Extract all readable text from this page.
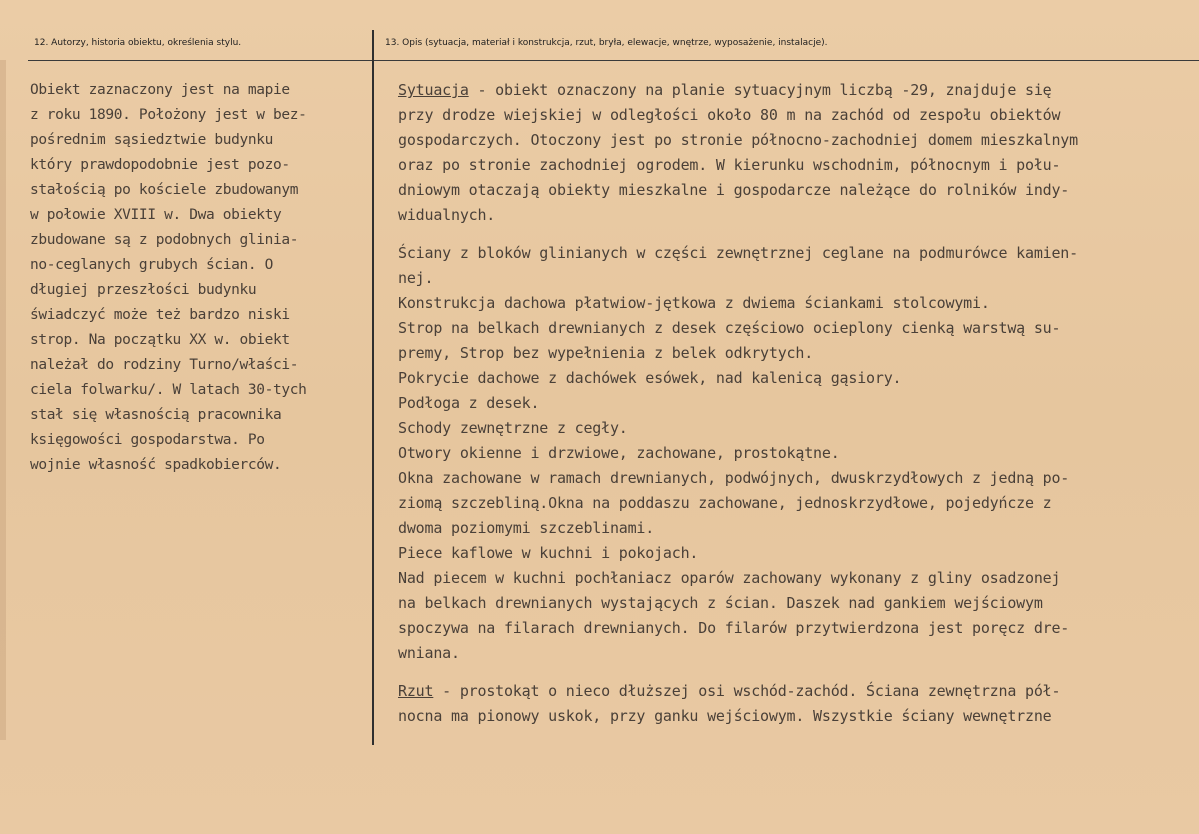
12. Autorzy, historia obiektu, określenia stylu.	13. Opis (sytuacja, materiał i konstrukcja, rzut, bryła, elewacje, wnętrze, wyposażenie, instalacje).
Obiekt zaznaczony jest na mapie
z roku 1890. Położony jest w bez-
pośrednim sąsiedztwie budynku
który prawdopodobnie jest pozo-
stałością po kościele zbudowanym
w połowie XVIII w. Dwa obiekty
zbudowane są z podobnych glinia-
no-ceglanych grubych ścian. O
długiej przeszłości budynku
świadczyć może też bardzo niski
strop. Na początku XX w. obiekt
należał do rodziny Turno/właści-
ciela folwarku/. W latach 30-tych
stał się własnością pracownika
księgowości gospodarstwa. Po
wojnie własność spadkobierców.
Sytuacja - obiekt oznaczony na planie sytuacyjnym liczbą -29, znajduje się
przy drodze wiejskiej w odległości około 80 m na zachód od zespołu obiektów
gospodarczych. Otoczony jest po stronie północno-zachodniej domem mieszkalnym
oraz po stronie zachodniej ogrodem. W kierunku wschodnim, północnym i połu-
dniowym otaczają obiekty mieszkalne i gospodarcze należące do rolników indy-
widualnych.
Ściany z bloków glinianych w części zewnętrznej ceglane na podmurówce kamien-
nej.
Konstrukcja dachowa płatwiow-jętkowa z dwiema ściankami stolcowymi.
Strop na belkach drewnianych z desek częściowo ocieplony cienką warstwą su-
premy, Strop bez wypełnienia z belek odkrytych.
Pokrycie dachowe z dachówek esówek, nad kalenicą gąsiory.
Podłoga z desek.
Schody zewnętrzne z cegły.
Otwory okienne i drzwiowe, zachowane, prostokątne.
Okna zachowane w ramach drewnianych, podwójnych, dwuskrzydłowych z jedną po-
ziomą szczebliną.Okna na poddaszu zachowane, jednoskrzydłowe, pojedyńcze z
dwoma poziomymi szczeblinami.
Piece kaflowe w kuchni i pokojach.
Nad piecem w kuchni pochłaniacz oparów zachowany wykonany z gliny osadzonej
na belkach drewnianych wystających z ścian. Daszek nad gankiem wejściowym
spoczywa na filarach drewnianych. Do filarów przytwierdzona jest poręcz dre-
wniana.
Rzut - prostokąt o nieco dłuższej osi wschód-zachód. Ściana zewnętrzna pół-
nocna ma pionowy uskok, przy ganku wejściowym. Wszystkie ściany wewnętrzne
